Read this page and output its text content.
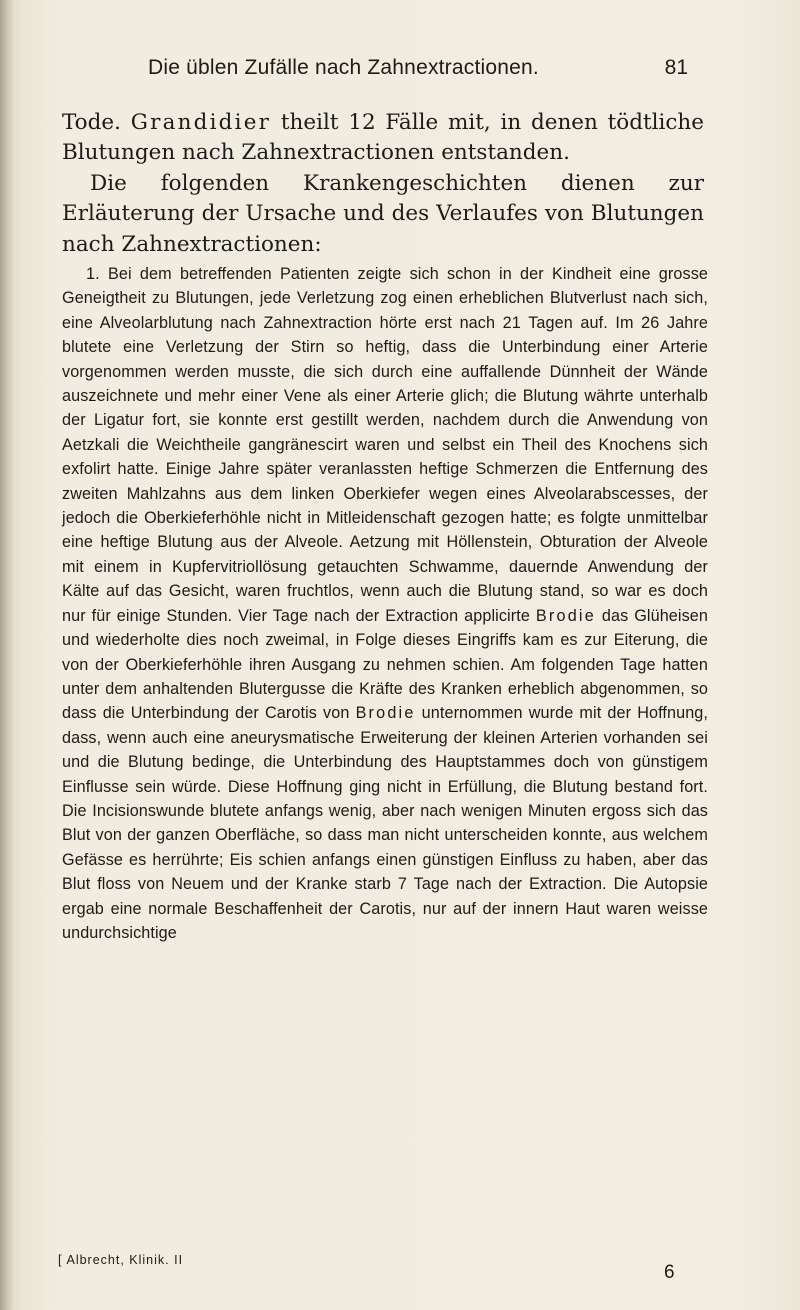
Die üblen Zufälle nach Zahnextractionen.	81

Tode. Grandidier theilt 12 Fälle mit, in denen tödtliche Blutungen nach Zahnextractionen entstanden.

Die folgenden Krankengeschichten dienen zur Erläuterung der Ursache und des Verlaufes von Blutungen nach Zahnextractionen:

1. Bei dem betreffenden Patienten zeigte sich schon in der Kindheit eine grosse Geneigtheit zu Blutungen, jede Verletzung zog einen erheblichen Blutverlust nach sich, eine Alveolarblutung nach Zahnextraction hörte erst nach 21 Tagen auf. Im 26 Jahre blutete eine Verletzung der Stirn so heftig, dass die Unterbindung einer Arterie vorgenommen werden musste, die sich durch eine auffallende Dünnheit der Wände auszeichnete und mehr einer Vene als einer Arterie glich; die Blutung währte unterhalb der Ligatur fort, sie konnte erst gestillt werden, nachdem durch die Anwendung von Aetzkali die Weichtheile gangränescirt waren und selbst ein Theil des Knochens sich exfolirt hatte. Einige Jahre später veranlassten heftige Schmerzen die Entfernung des zweiten Mahlzahns aus dem linken Oberkiefer wegen eines Alveolarabscesses, der jedoch die Oberkieferhöhle nicht in Mitleidenschaft gezogen hatte; es folgte unmittelbar eine heftige Blutung aus der Alveole. Aetzung mit Höllenstein, Obturation der Alveole mit einem in Kupfervitriollösung getauchten Schwamme, dauernde Anwendung der Kälte auf das Gesicht, waren fruchtlos, wenn auch die Blutung stand, so war es doch nur für einige Stunden. Vier Tage nach der Extraction applicirte Brodie das Glüheisen und wiederholte dies noch zweimal, in Folge dieses Eingriffs kam es zur Eiterung, die von der Oberkieferhöhle ihren Ausgang zu nehmen schien. Am folgenden Tage hatten unter dem anhaltenden Blutergusse die Kräfte des Kranken erheblich abgenommen, so dass die Unterbindung der Carotis von Brodie unternommen wurde mit der Hoffnung, dass, wenn auch eine aneurysmatische Erweiterung der kleinen Arterien vorhanden sei und die Blutung bedinge, die Unterbindung des Hauptstammes doch von günstigem Einflusse sein würde. Diese Hoffnung ging nicht in Erfüllung, die Blutung bestand fort. Die Incisionswunde blutete anfangs wenig, aber nach wenigen Minuten ergoss sich das Blut von der ganzen Oberfläche, so dass man nicht unterscheiden konnte, aus welchem Gefässe es herrührte; Eis schien anfangs einen günstigen Einfluss zu haben, aber das Blut floss von Neuem und der Kranke starb 7 Tage nach der Extraction. Die Autopsie ergab eine normale Beschaffenheit der Carotis, nur auf der innern Haut waren weisse undurchsichtige

[ Albrecht, Klinik. II
6
